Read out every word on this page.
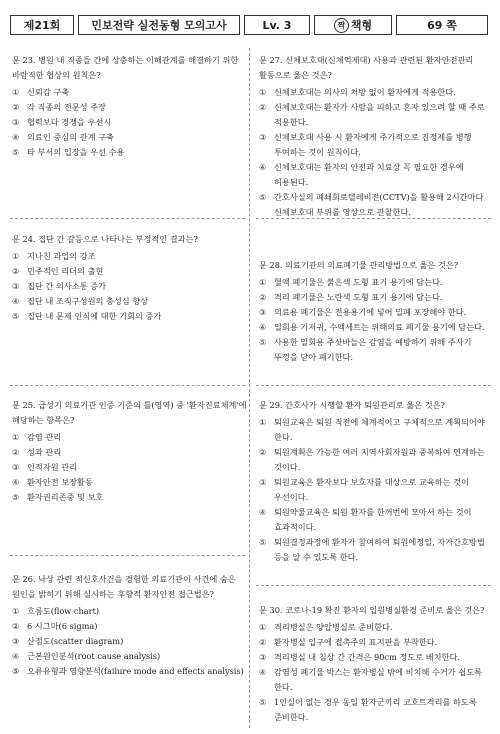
제21회	민보전략 실전동형 모의고사	Lv. 3	짝 책형	69 쪽

문 23. 병원 내 직종들 간에 상충하는 이해관계를 해결하기 위한 바람직한 협상의 원칙은?

① 신뢰감 구축
② 각 직종의 전문성 주장
③ 협력보다 경쟁을 우선시
④ 의료인 중심의 관계 구축
⑤ 타 부서의 입장을 우선 수용

문 24. 집단 간 갈등으로 나타나는 부정적인 결과는?

① 지나친 과업의 강조
② 민주적인 리더의 출현
③ 집단 간 의사소통 증가
④ 집단 내 조직구성원의 충성심 향상
⑤ 집단 내 문제 인식에 대한 기회의 증가

문 25. 급성기 의료기관 인증 기준의 틀(영역) 중 '환자진료체계'에 해당하는 항목은?

① 감염 관리
② 성과 관리
③ 인적자원 관리
④ 환자안전 보장활동
⑤ 환자권리존중 및 보호

문 26. 낙상 관련 적신호사건을 경험한 의료기관이 사건에 숨은 원인을 밝히기 위해 실시하는 후향적 환자안전 접근법은?

① 흐름도(flow chart)
② 6 시그마(6 sigma)
③ 산점도(scatter diagram)
④ 근본원인분석(root cause analysis)
⑤ 오류유형과 영향분석(failure mode and effects analysis)

문 27. 신체보호대(신체억제대) 사용과 관련된 환자안전관리 활동으로 옳은 것은?

① 신체보호대는 의사의 처방 없이 환자에게 적용한다.
② 신체보호대는 환자가 사람을 피하고 혼자 있으려 할 때 주로 적용한다.
③ 신체보호대 사용 시 환자에게 주기적으로 진정제를 병행 투여하는 것이 원칙이다.
④ 신체보호대는 환자의 안전과 치료상 꼭 필요한 경우에 허용된다.
⑤ 간호사실의 폐쇄회로텔레비전(CCTV)을 활용해 2시간마다 신체보호대 부위를 영상으로 관찰한다.

문 28. 의료기관의 의료폐기물 관리방법으로 옳은 것은?

① 혈액 폐기물은 붉은색 도형 표기 용기에 담는다.
② 격리 폐기물은 노란색 도형 표기 용기에 담는다.
③ 의료용 폐기물은 전용용기에 넣어 밀폐 포장해야 한다.
④ 일회용 기저귀, 수액세트는 위해의료 폐기물 용기에 담는다.
⑤ 사용한 일회용 주삿바늘은 감염을 예방하기 위해 주사기 뚜껑을 닫아 폐기한다.

문 29. 간호사가 시행할 환자 퇴원관리로 옳은 것은?

① 퇴원교육은 퇴원 직전에 체계적이고 구체적으로 계획되어야 한다.
② 퇴원계획은 가능한 여러 지역사회자원과 중복하여 연계하는 것이다.
③ 퇴원교육은 환자보다 보호자를 대상으로 교육하는 것이 우선이다.
④ 퇴원약물교육은 퇴원 환자를 한꺼번에 모아서 하는 것이 효과적이다.
⑤ 퇴원결정과정에 환자가 참여하여 퇴원에정일, 자가간호방법 등을 알 수 있도록 한다.

문 30. 코로나-19 확진 환자의 입원병실환경 준비로 옳은 것은?

① 격리병실은 양압병실로 준비한다.
② 환자병실 입구에 접촉주의 표지판을 부착한다.
③ 격리병실 내 침상 간 간격은 90cm 정도로 배치한다.
④ 감염성 폐기물 박스는 환자병실 밖에 비치해 수거가 쉽도록 한다.
⑤ 1인실이 없는 경우 동일 환자군끼리 코호트격리를 하도록 준비한다.
